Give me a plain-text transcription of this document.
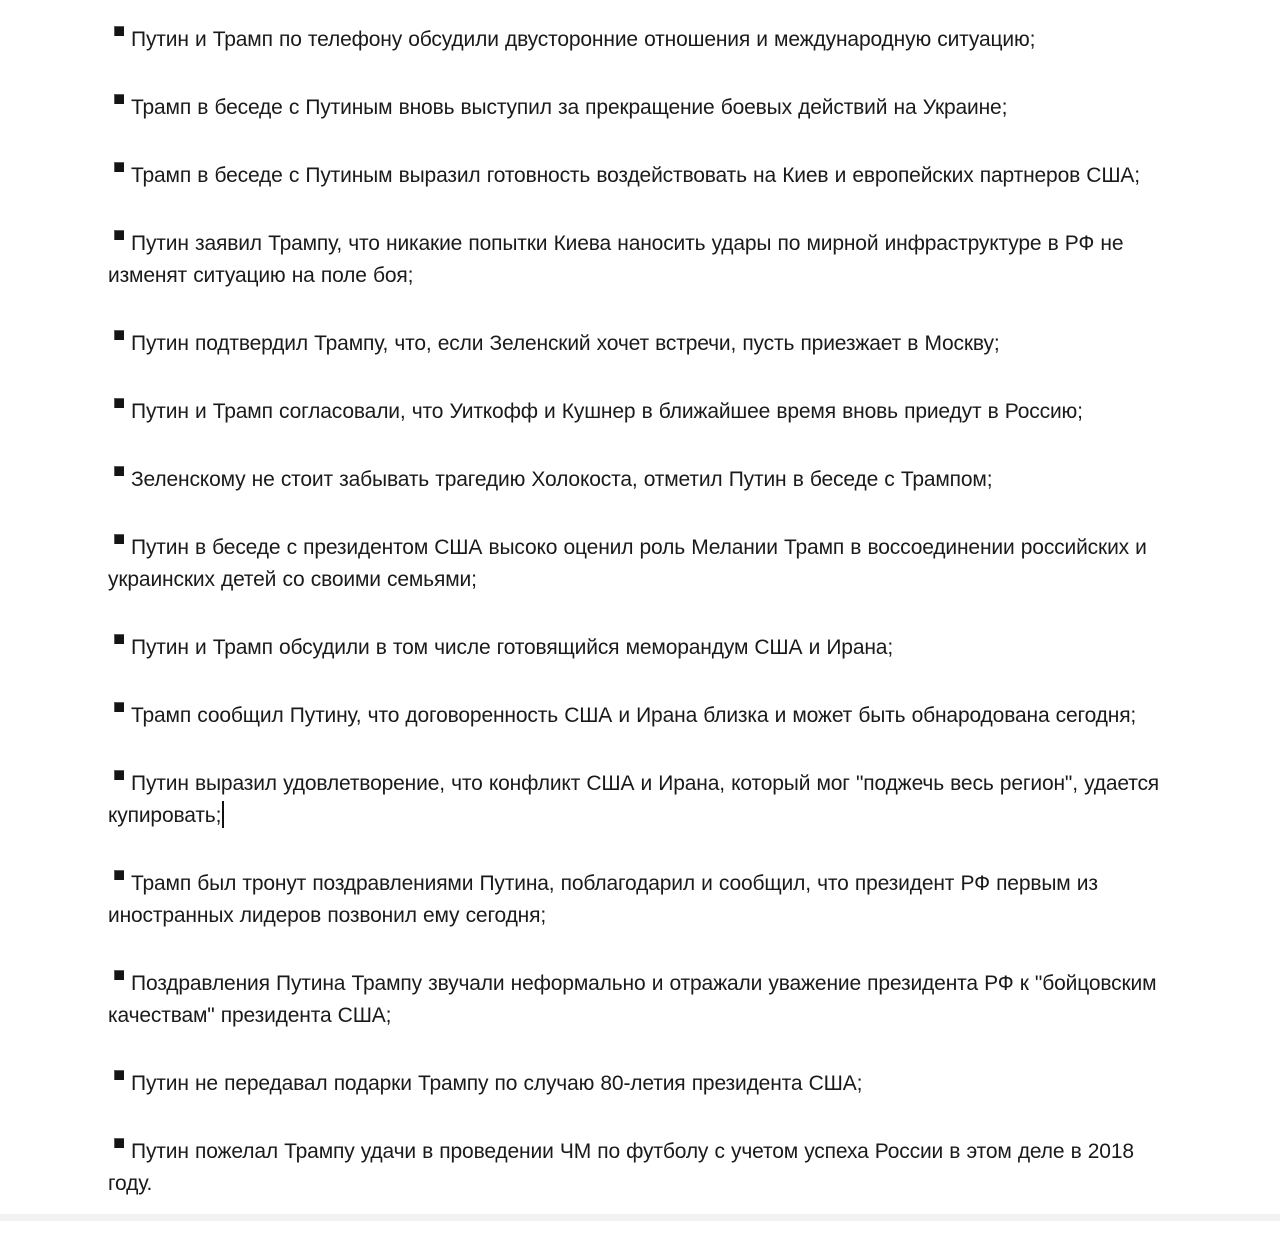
Путин и Трамп по телефону обсудили двусторонние отношения и международную ситуацию;

Трамп в беседе с Путиным вновь выступил за прекращение боевых действий на Украине;

Трамп в беседе с Путиным выразил готовность воздействовать на Киев и европейских партнеров США;

Путин заявил Трампу, что никакие попытки Киева наносить удары по мирной инфраструктуре в РФ не изменят ситуацию на поле боя;

Путин подтвердил Трампу, что, если Зеленский хочет встречи, пусть приезжает в Москву;

Путин и Трамп согласовали, что Уиткофф и Кушнер в ближайшее время вновь приедут в Россию;

Зеленскому не стоит забывать трагедию Холокоста, отметил Путин в беседе с Трампом;

Путин в беседе с президентом США высоко оценил роль Мелании Трамп в воссоединении российских и украинских детей со своими семьями;

Путин и Трамп обсудили в том числе готовящийся меморандум США и Ирана;

Трамп сообщил Путину, что договоренность США и Ирана близка и может быть обнародована сегодня;

Путин выразил удовлетворение, что конфликт США и Ирана, который мог "поджечь весь регион", удается купировать;

Трамп был тронут поздравлениями Путина, поблагодарил и сообщил, что президент РФ первым из иностранных лидеров позвонил ему сегодня;

Поздравления Путина Трампу звучали неформально и отражали уважение президента РФ к "бойцовским качествам" президента США;

Путин не передавал подарки Трампу по случаю 80-летия президента США;

Путин пожелал Трампу удачи в проведении ЧМ по футболу с учетом успеха России в этом деле в 2018 году.
